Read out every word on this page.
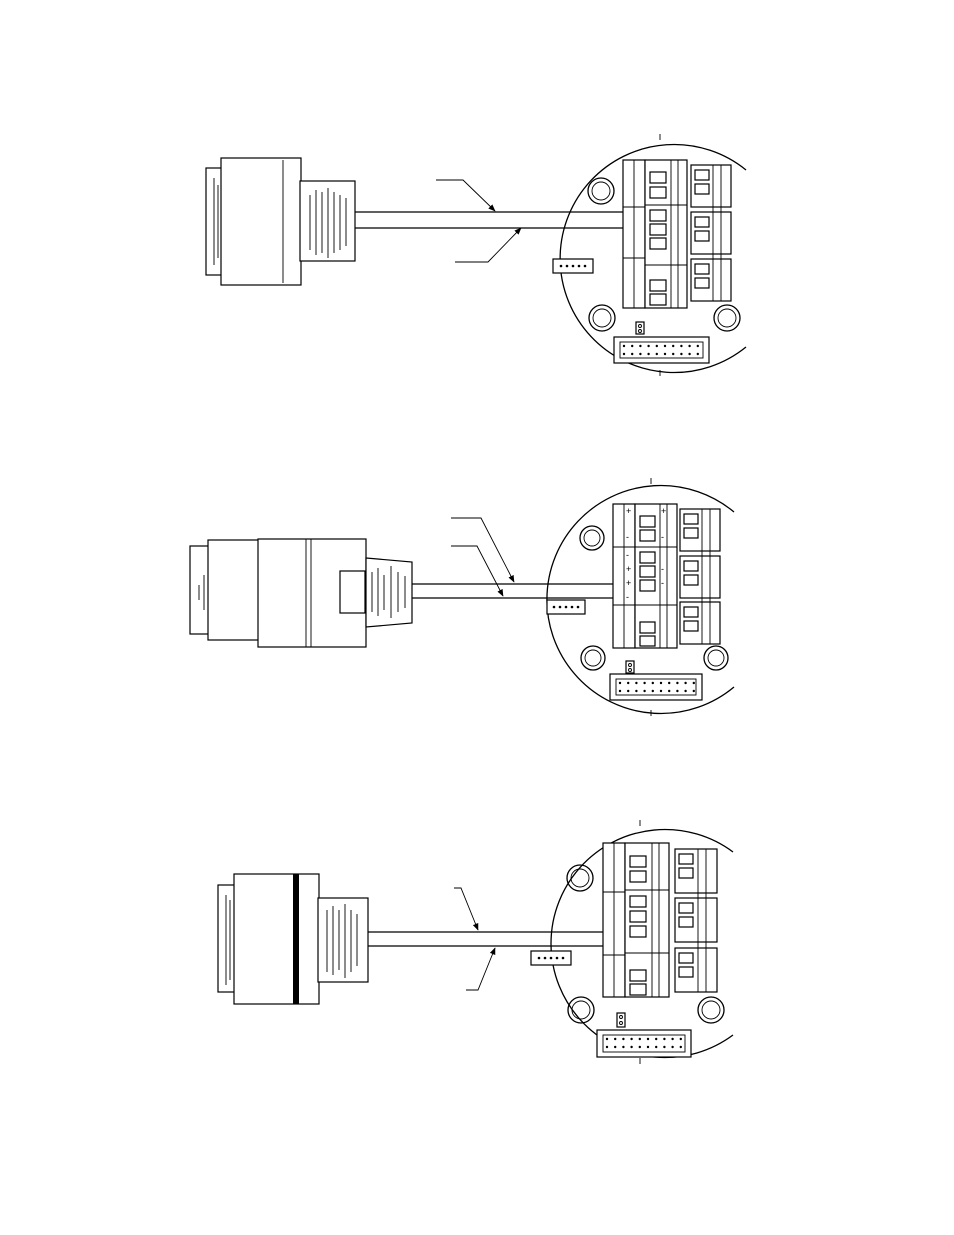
+
-	-
+
+
-
+
-
-
-
